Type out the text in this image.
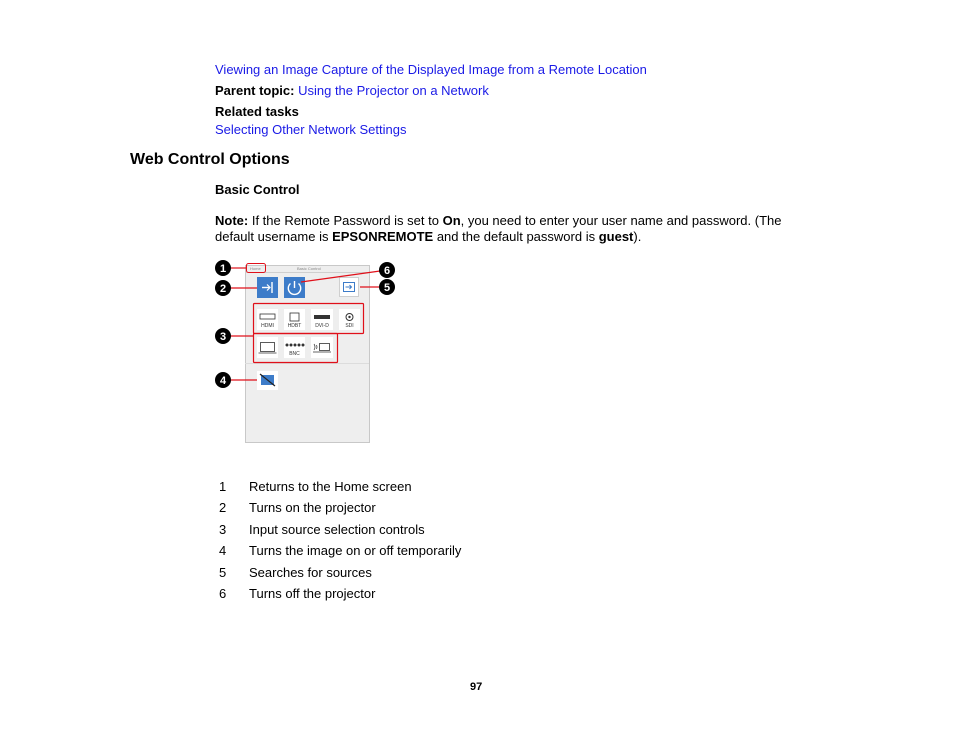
Viewing an Image Capture of the Displayed Image from a Remote Location
Parent topic: Using the Projector on a Network
Related tasks
Selecting Other Network Settings
Web Control Options
Basic Control
Note: If the Remote Password is set to On, you need to enter your user name and password. (The
default username is EPSONREMOTE and the default password is guest).
Home	Basic Control
HDMI	HDBT	DVI-D	SDI
BNC
1
2
3
4
5
6
1 Returns to the Home screen
2 Turns on the projector
3 Input source selection controls
4 Turns the image on or off temporarily
5 Searches for sources
6 Turns off the projector
97
